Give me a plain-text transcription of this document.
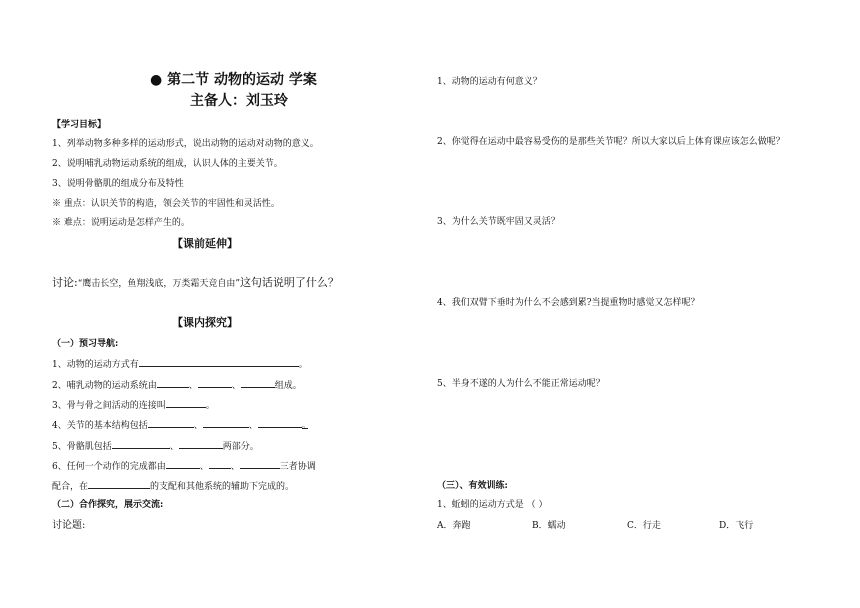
● 第二节 动物的运动 学案
主备人：刘玉玲
【学习目标】
1、列举动物多种多样的运动形式，说出动物的运动对动物的意义。
2、说明哺乳动物运动系统的组成，认识人体的主要关节。
3、说明骨骼肌的组成分布及特性
※ 重点：认识关节的构造，领会关节的牢固性和灵活性。
※ 难点：说明运动是怎样产生的。
【课前延伸】
讨论:“鹰击长空，鱼翔浅底，万类霜天竞自由”这句话说明了什么？
【课内探究】
（一）预习导航:
1、动物的运动方式有	。
2、哺乳动物的运动系统由	、	、	组成。
3、骨与骨之间活动的连接叫	。
4、关节的基本结构包括	、	、	。
5、骨骼肌包括	、	两部分。
6、任何一个动作的完成都由	、 、	三者协调
配合，在	的支配和其他系统的辅助下完成的。
（二）合作探究，展示交流:
讨论题:
1、动物的运动有何意义？
2、你觉得在运动中最容易受伤的是那些关节呢？所以大家以后上体育课应该怎么做呢？
3、为什么关节既牢固又灵活？
4、我们双臂下垂时为什么不会感到累?当提重物时感觉又怎样呢？
5、半身不遂的人为什么不能正常运动呢？
（三）、有效训练:
1、蚯蚓的运动方式是 （ ）
A．奔跑	B．蠕动	C．行走	D．飞行
